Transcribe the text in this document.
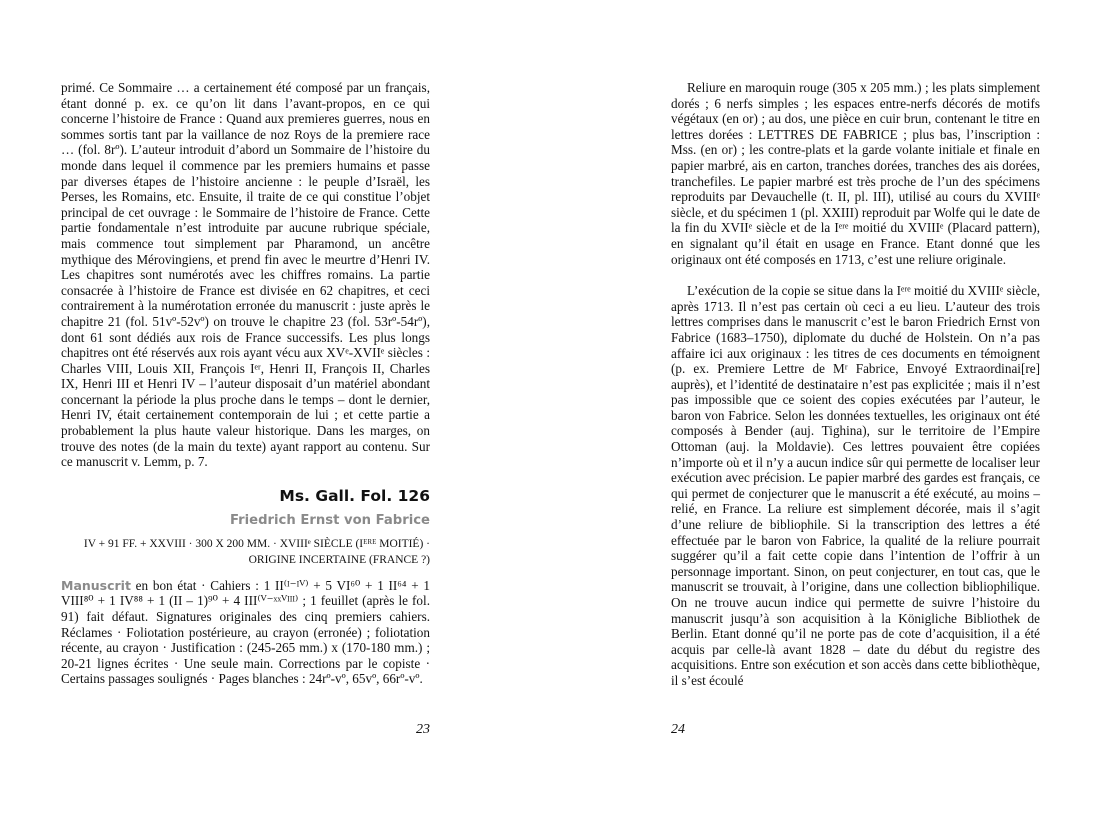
primé. Ce Sommaire … a certainement été composé par un français, étant donné p. ex. ce qu’on lit dans l’avant-propos, en ce qui concerne l’histoire de France : Quand aux premieres guerres, nous en sommes sortis tant par la vaillance de noz Roys de la premiere race … (fol. 8rº). L’auteur introduit d’abord un Sommaire de l’histoire du monde dans lequel il commence par les premiers humains et passe par diverses étapes de l’histoire ancienne : le peuple d’Israël, les Perses, les Romains, etc. Ensuite, il traite de ce qui constitue l’objet principal de cet ouvrage : le Sommaire de l’histoire de France. Cette partie fondamentale n’est introduite par aucune rubrique spéciale, mais commence tout simplement par Pharamond, un ancêtre mythique des Mérovingiens, et prend fin avec le meurtre d’Henri IV. Les chapitres sont numérotés avec les chiffres romains. La partie consacrée à l’histoire de France est divisée en 62 chapitres, et ceci contrairement à la numérotation erronée du manuscrit : juste après le chapitre 21 (fol. 51vº-52vº) on trouve le chapitre 23 (fol. 53rº-54rº), dont 61 sont dédiés aux rois de France successifs. Les plus longs chapitres ont été réservés aux rois ayant vécu aux XVᵉ-XVIIᵉ siècles : Charles VIII, Louis XII, François Iᵉʳ, Henri II, François II, Charles IX, Henri III et Henri IV – l’auteur disposait d’un matériel abondant concernant la période la plus proche dans le temps – dont le dernier, Henri IV, était certainement contemporain de lui ; et cette partie a probablement la plus haute valeur historique. Dans les marges, on trouve des notes (de la main du texte) ayant rapport au contenu. Sur ce manuscrit v. Lemm, p. 7.

Ms. Gall. Fol. 126
Friedrich Ernst von Fabrice
IV + 91 FF. + XXVIII · 300 X 200 MM. · XVIIIᵉ SIÈCLE (Iᴱᴿᴱ MOITIÉ) · ORIGINE INCERTAINE (FRANCE ?)

Manuscrit en bon état · Cahiers : 1 II⁽ᴵ⁻ᴵⱽ⁾ + 5 VI⁶⁰ + 1 II⁶⁴ + 1 VIII⁸⁰ + 1 IV⁸⁸ + 1 (II – 1)⁹⁰ + 4 III⁽ⱽ⁻ˣˣⱽᴵᴵᴵ⁾ ; 1 feuillet (après le fol. 91) fait défaut. Signatures originales des cinq premiers cahiers. Réclames · Foliotation postérieure, au crayon (erronée) ; foliotation récente, au crayon · Justification : (245-265 mm.) x (170-180 mm.) ; 20-21 lignes écrites · Une seule main. Corrections par le copiste · Certains passages soulignés · Pages blanches : 24rº-vº, 65vº, 66rº-vº.

23

Reliure en maroquin rouge (305 x 205 mm.) ; les plats simplement dorés ; 6 nerfs simples ; les espaces entre-nerfs décorés de motifs végétaux (en or) ; au dos, une pièce en cuir brun, contenant le titre en lettres dorées : LETTRES DE FABRICE ; plus bas, l’inscription : Mss. (en or) ; les contre-plats et la garde volante initiale et finale en papier marbré, ais en carton, tranches dorées, tranches des ais dorées, tranchefiles. Le papier marbré est très proche de l’un des spécimens reproduits par Devauchelle (t. II, pl. III), utilisé au cours du XVIIIᵉ siècle, et du spécimen 1 (pl. XXIII) reproduit par Wolfe qui le date de la fin du XVIIᵉ siècle et de la Iᵉʳᵉ moitié du XVIIIᵉ (Placard pattern), en signalant qu’il était en usage en France. Etant donné que les originaux ont été composés en 1713, c’est une reliure originale.

L’exécution de la copie se situe dans la Iᵉʳᵉ moitié du XVIIIᵉ siècle, après 1713. Il n’est pas certain où ceci a eu lieu. L’auteur des trois lettres comprises dans le manuscrit c’est le baron Friedrich Ernst von Fabrice (1683–1750), diplomate du duché de Holstein. On n’a pas affaire ici aux originaux : les titres de ces documents en témoignent (p. ex. Premiere Lettre de Mʳ Fabrice, Envoyé Extraordinai[re] auprès), et l’identité de destinataire n’est pas explicitée ; mais il n’est pas impossible que ce soient des copies exécutées par l’auteur, le baron von Fabrice. Selon les données textuelles, les originaux ont été composés à Bender (auj. Tighina), sur le territoire de l’Empire Ottoman (auj. la Moldavie). Ces lettres pouvaient être copiées n’importe où et il n’y a aucun indice sûr qui permette de localiser leur exécution avec précision. Le papier marbré des gardes est français, ce qui permet de conjecturer que le manuscrit a été exécuté, au moins – relié, en France. La reliure est simplement décorée, mais il s’agit d’une reliure de bibliophile. Si la transcription des lettres a été effectuée par le baron von Fabrice, la qualité de la reliure pourrait suggérer qu’il a fait cette copie dans l’intention de l’offrir à un personnage important. Sinon, on peut conjecturer, en tout cas, que le manuscrit se trouvait, à l’origine, dans une collection bibliophilique. On ne trouve aucun indice qui permette de suivre l’histoire du manuscrit jusqu’à son acquisition à la Königliche Bibliothek de Berlin. Etant donné qu’il ne porte pas de cote d’acquisition, il a été acquis par celle-là avant 1828 – date du début du registre des acquisitions. Entre son exécution et son accès dans cette bibliothèque, il s’est écoulé

24
